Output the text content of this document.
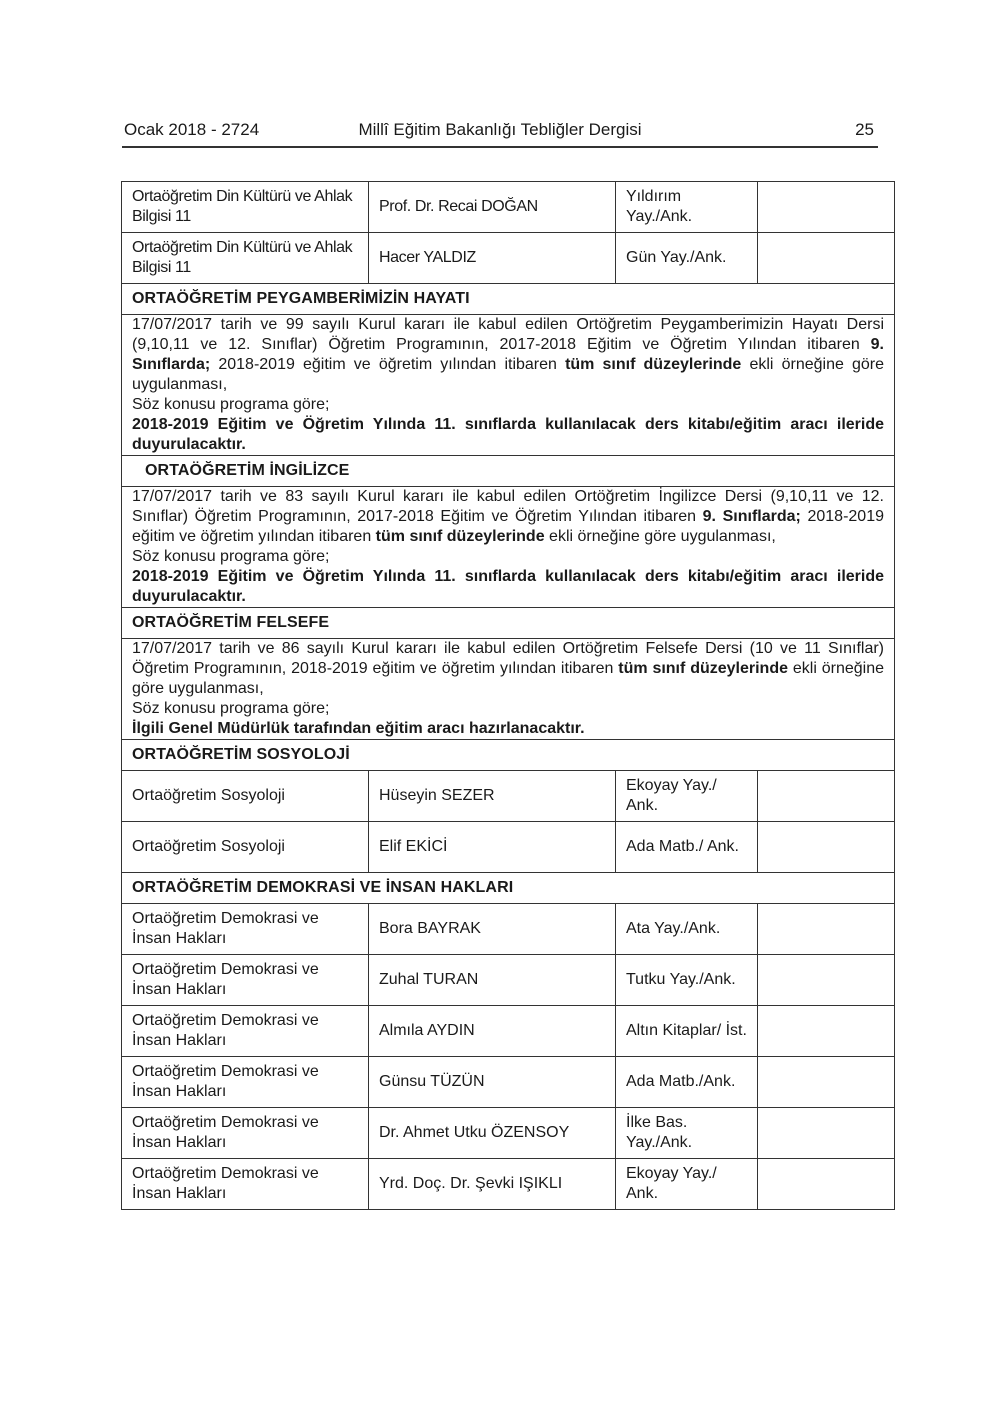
Ocak 2018 - 2724	Millî Eğitim Bakanlığı Tebliğler Dergisi	25
Ortaöğretim Din Kültürü ve Ahlak Bilgisi 11	Prof. Dr. Recai DOĞAN	Yıldırım Yay./Ank.	
Ortaöğretim Din Kültürü ve Ahlak Bilgisi 11	Hacer YALDIZ	Gün Yay./Ank.	
ORTAÖĞRETİM PEYGAMBERİMİZİN HAYATI			

17/07/2017 tarih ve 99 sayılı Kurul kararı ile kabul edilen Ortöğretim Peygamberimizin Hayatı Dersi (9,10,11 ve 12. Sınıflar) Öğretim Programının, 2017-2018 Eğitim ve Öğretim Yılından itibaren 9. Sınıflarda; 2018-2019 eğitim ve öğretim yılından itibaren tüm sınıf düzeylerinde ekli örneğine göre uygulanması,

Söz konusu programa göre;

2018-2019 Eğitim ve Öğretim Yılında 11. sınıflarda kullanılacak ders kitabı/eğitim aracı ileride duyurulacaktır.			

ORTAÖĞRETİM İNGİLİZCE			

17/07/2017 tarih ve 83 sayılı Kurul kararı ile kabul edilen Ortöğretim İngilizce Dersi (9,10,11 ve 12. Sınıflar) Öğretim Programının, 2017-2018 Eğitim ve Öğretim Yılından itibaren 9. Sınıflarda; 2018-2019 eğitim ve öğretim yılından itibaren tüm sınıf düzeylerinde ekli örneğine göre uygulanması,

Söz konusu programa göre;

2018-2019 Eğitim ve Öğretim Yılında 11. sınıflarda kullanılacak ders kitabı/eğitim aracı ileride duyurulacaktır.			

ORTAÖĞRETİM FELSEFE			

17/07/2017 tarih ve 86 sayılı Kurul kararı ile kabul edilen Ortöğretim Felsefe Dersi (10 ve 11 Sınıflar) Öğretim Programının, 2018-2019 eğitim ve öğretim yılından itibaren tüm sınıf düzeylerinde ekli örneğine göre uygulanması,

Söz konusu programa göre;

İlgili Genel Müdürlük tarafından eğitim aracı hazırlanacaktır.			

ORTAÖĞRETİM SOSYOLOJİ			
Ortaöğretim Sosyoloji	Hüseyin SEZER	Ekoyay Yay./ Ank.	
Ortaöğretim Sosyoloji	Elif EKİCİ	Ada Matb./ Ank.	
ORTAÖĞRETİM DEMOKRASİ VE İNSAN HAKLARI			
Ortaöğretim Demokrasi ve İnsan Hakları	Bora BAYRAK	Ata Yay./Ank.	
Ortaöğretim Demokrasi ve İnsan Hakları	Zuhal TURAN	Tutku Yay./Ank.	
Ortaöğretim Demokrasi ve İnsan Hakları	Almıla AYDIN	Altın Kitaplar/ İst.	
Ortaöğretim Demokrasi ve İnsan Hakları	Günsu TÜZÜN	Ada Matb./Ank.	
Ortaöğretim Demokrasi ve İnsan Hakları	Dr. Ahmet Utku ÖZENSOY	İlke Bas. Yay./Ank.	
Ortaöğretim Demokrasi ve İnsan Hakları	Yrd. Doç. Dr. Şevki IŞIKLI	Ekoyay Yay./ Ank.	
